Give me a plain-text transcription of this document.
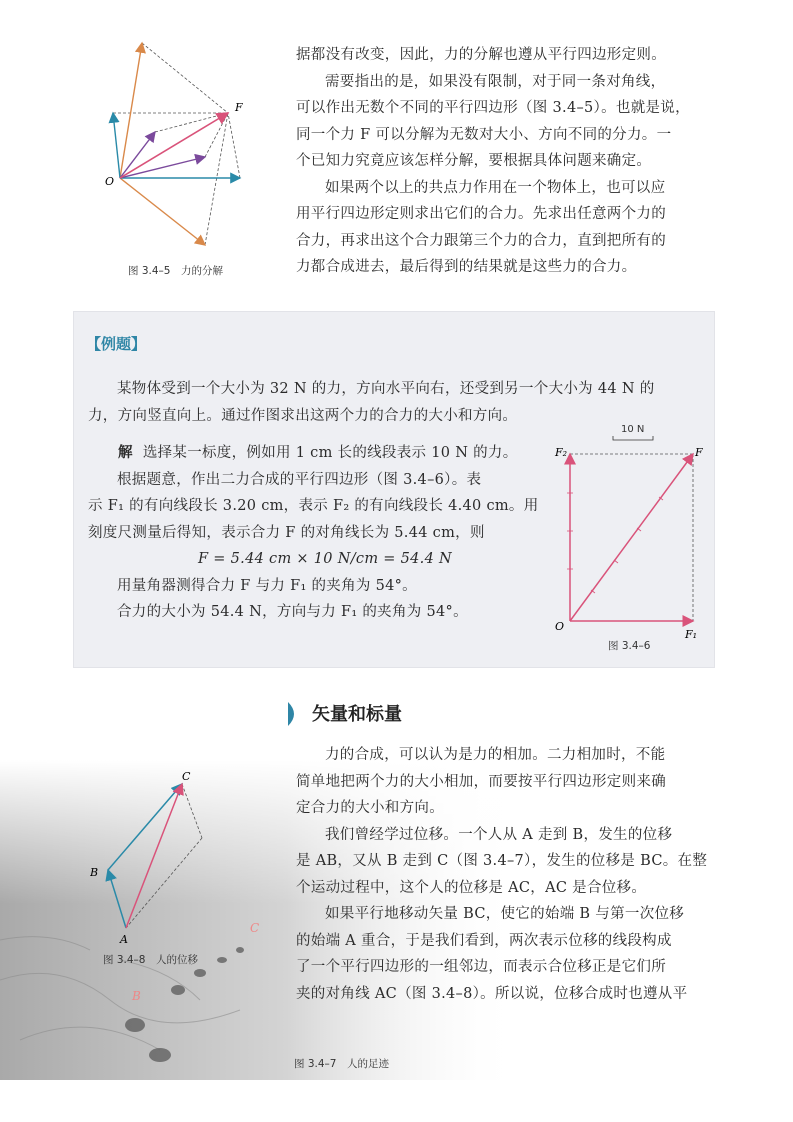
O
F
图 3.4–5　力的分解
据都没有改变，因此，力的分解也遵从平行四边形定则。
需要指出的是，如果没有限制，对于同一条对角线，
可以作出无数个不同的平行四边形（图 3.4–5）。也就是说，
同一个力 F 可以分解为无数对大小、方向不同的分力。一
个已知力究竟应该怎样分解，要根据具体问题来确定。
如果两个以上的共点力作用在一个物体上，也可以应
用平行四边形定则求出它们的合力。先求出任意两个力的
合力，再求出这个合力跟第三个力的合力，直到把所有的
力都合成进去，最后得到的结果就是这些力的合力。
【例题】
某物体受到一个大小为 32 N 的力，方向水平向右，还受到另一个大小为 44 N 的
力，方向竖直向上。通过作图求出这两个力的合力的大小和方向。
解 选择某一标度，例如用 1 cm 长的线段表示 10 N 的力。
根据题意，作出二力合成的平行四边形（图 3.4–6）。表
示 F₁ 的有向线段长 3.20 cm，表示 F₂ 的有向线段长 4.40 cm。用
刻度尺测量后得知，表示合力 F 的对角线长为 5.44 cm，则
F = 5.44 cm × 10 N/cm = 54.4 N
用量角器测得合力 F 与力 F₁ 的夹角为 54°。
合力的大小为 54.4 N，方向与力 F₁ 的夹角为 54°。
10 N
O
F
F₁
F₂
图 3.4–6
C
B
图 3.4–7　人的足迹
矢量和标量
力的合成，可以认为是力的相加。二力相加时，不能
简单地把两个力的大小相加，而要按平行四边形定则来确
定合力的大小和方向。
我们曾经学过位移。一个人从 A 走到 B，发生的位移
是 AB，又从 B 走到 C（图 3.4–7），发生的位移是 BC。在整
个运动过程中，这个人的位移是 AC，AC 是合位移。
如果平行地移动矢量 BC，使它的始端 B 与第一次位移
的始端 A 重合，于是我们看到，两次表示位移的线段构成
了一个平行四边形的一组邻边，而表示合位移正是它们所
夹的对角线 AC（图 3.4–8）。所以说，位移合成时也遵从平
A
B
C
图 3.4–8　人的位移
